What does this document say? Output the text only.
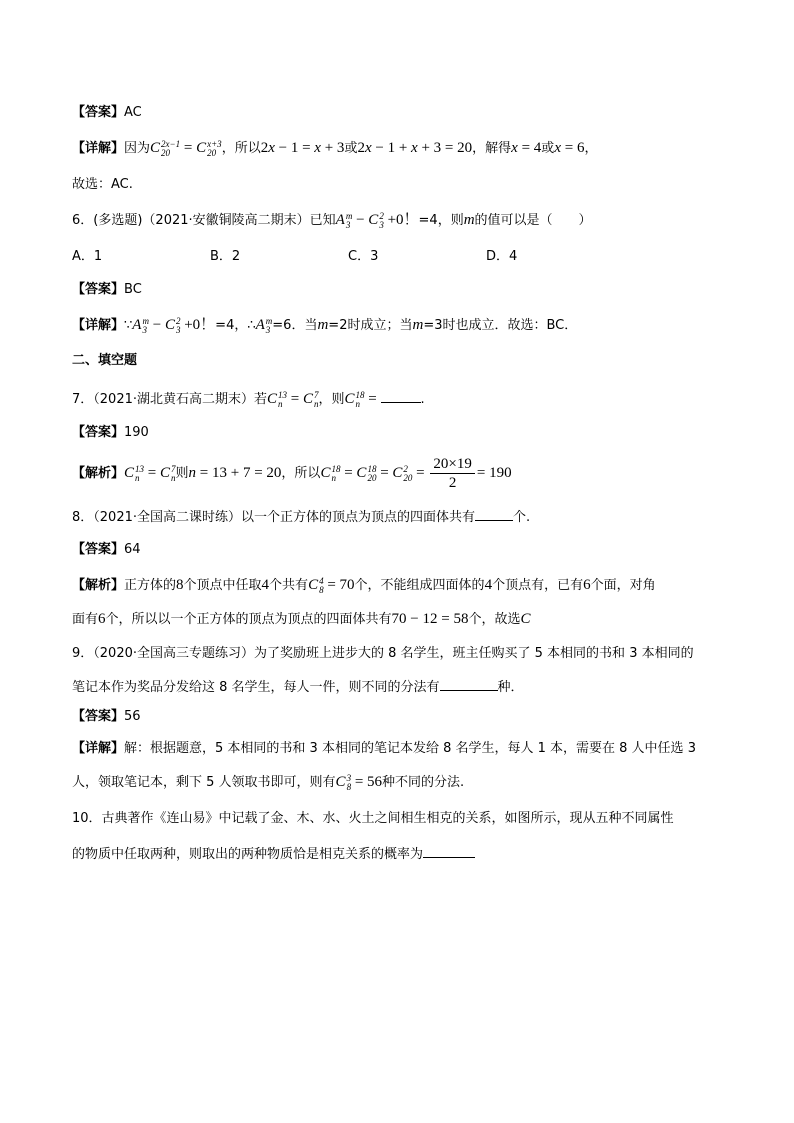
【答案】AC
【详解】因为C 2x−1
20 = C x+3
20 ，所以2x − 1 = x + 3或2x − 1 + x + 3 = 20，解得x = 4或x = 6，
故选：AC.
6．(多选题)（2021·安徽铜陵高二期末）已知A m
3 − C 2
3 +0！=4，则m的值可以是（　　）
A．1	B．2	C．3	D．4
【答案】BC
【详解】∵A m
3 − C 2
3 +0！=4，∴A m
3 =6．当m=2时成立；当m=3时也成立．故选：BC．
二、填空题
7．（2021·湖北黄石高二期末）若C 13
n = C 7
n ，则C 18
n =	.
【答案】190
【解析】C 13
n = C 7
n 则n = 13 + 7 = 20，所以C 18
n = C 18
20 = C 2
$20 = \frac{20\times 19}{2} = 190$
8．（2021·全国高二课时练）以一个正方体的顶点为顶点的四面体共有	个.
【答案】64
【解析】正方体的8个顶点中任取4个共有C 4
8 = 70个，不能组成四面体的4个顶点有，已有6个面，对角
面有6个，所以以一个正方体的顶点为顶点的四面体共有70 − 12 = 58个，故选C
9．（2020·全国高三专题练习）为了奖励班上进步大的 8 名学生，班主任购买了 5 本相同的书和 3 本相同的
笔记本作为奖品分发给这 8 名学生，每人一件，则不同的分法有	种．
【答案】56
【详解】解：根据题意，5 本相同的书和 3 本相同的笔记本发给 8 名学生，每人 1 本，需要在 8 人中任选 3
人，领取笔记本，剩下 5 人领取书即可，则有C 3
8 = 56种不同的分法.
10．古典著作《连山易》中记载了金、木、水、火土之间相生相克的关系，如图所示，现从五种不同属性
的物质中任取两种，则取出的两种物质恰是相克关系的概率为
